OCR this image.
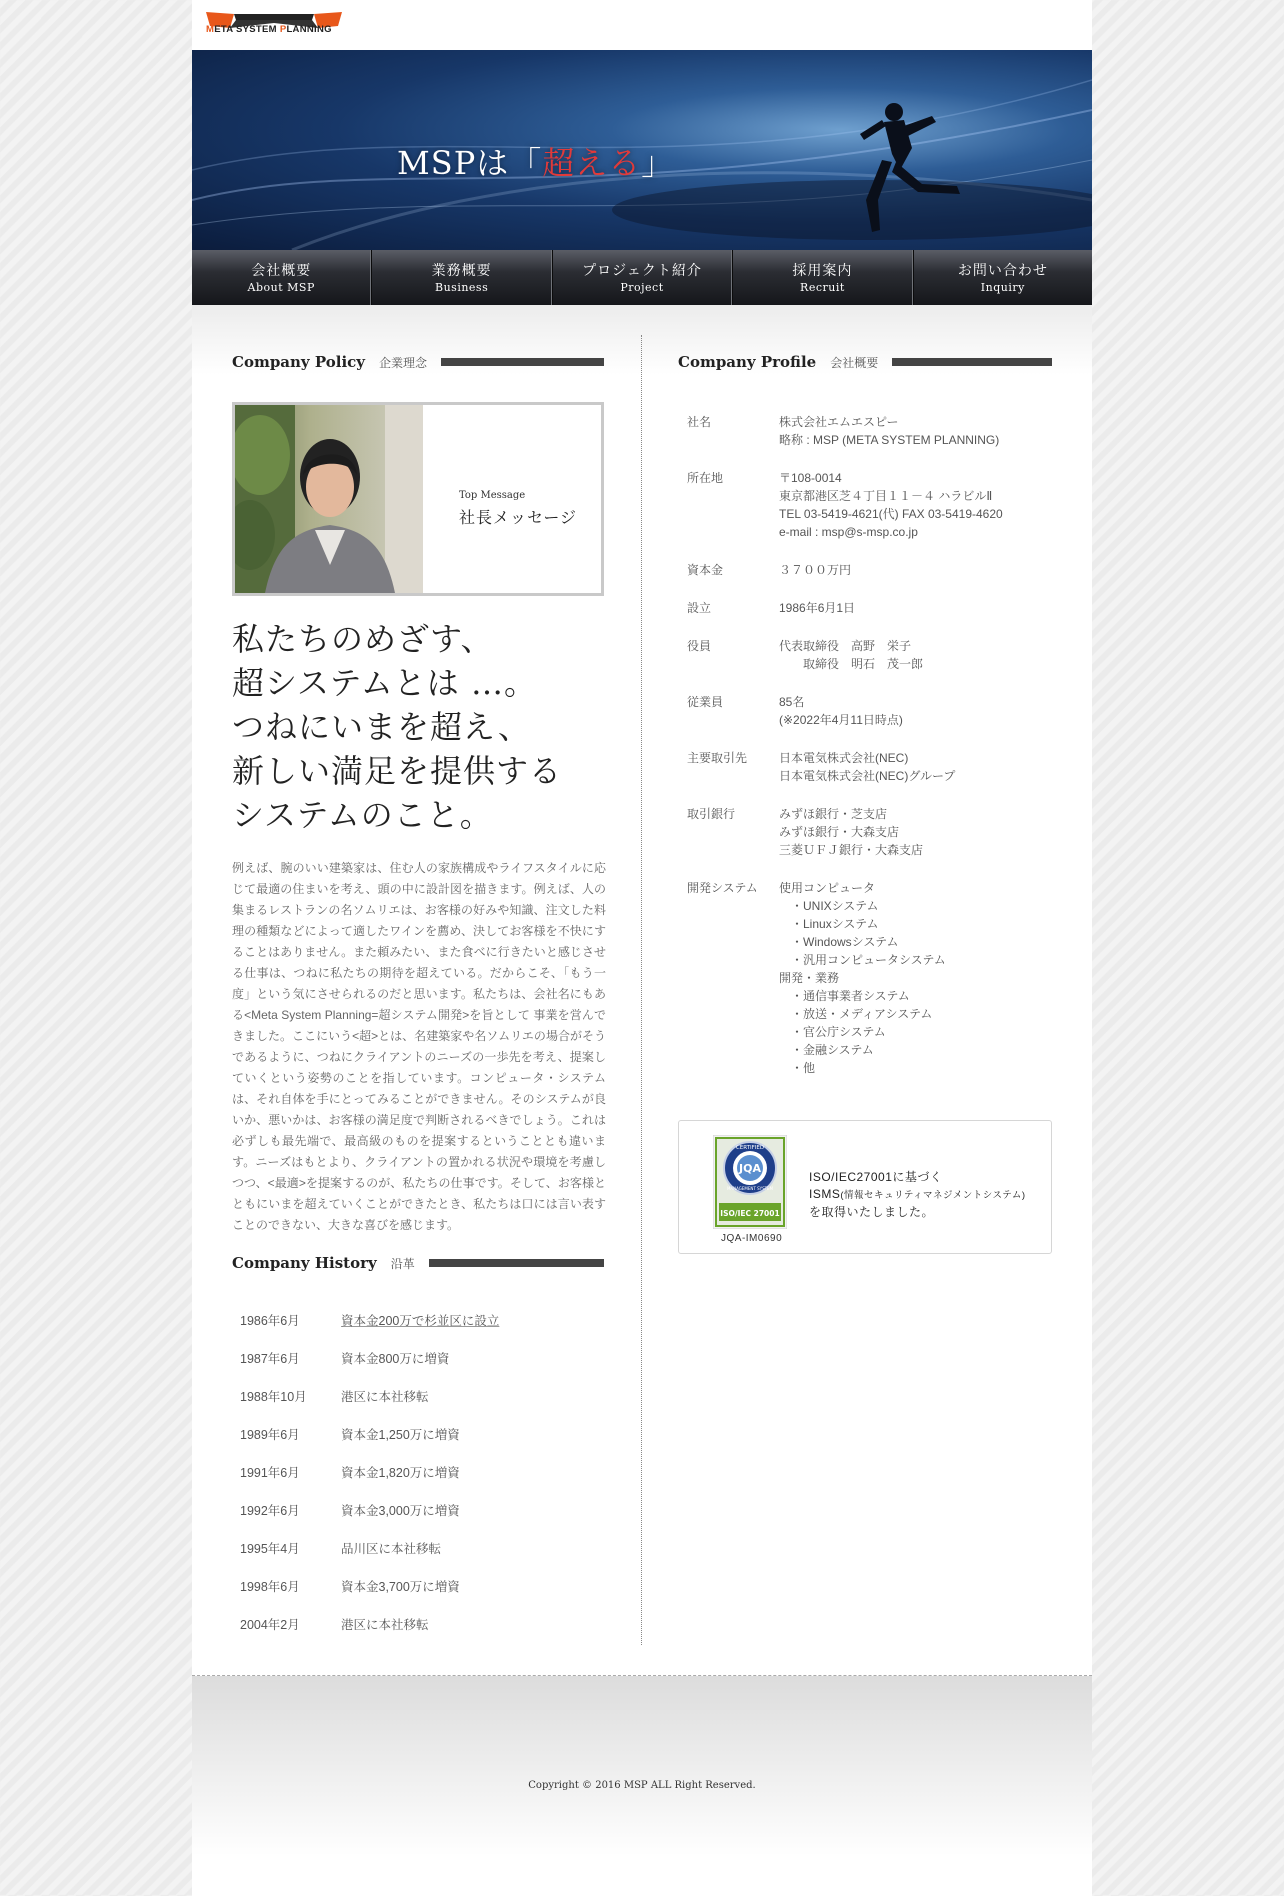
META SYSTEM PLANNING
MSPは「超える」
会社概要
About MSP
業務概要
Business
プロジェクト紹介
Project
採用案内
Recruit
お問い合わせ
Inquiry
Company Policy 企業理念
Top Message
社長メッセージ
私たちのめざす、
超システムとは …。
つねにいまを超え、
新しい満足を提供する
システムのこと。
例えば、腕のいい建築家は、住む人の家族構成やライフスタイルに応じて最適の住まいを考え、頭の中に設計図を描きます。例えば、人の集まるレストランの名ソムリエは、お客様の好みや知識、注文した料理の種類などによって適したワインを薦め、決してお客様を不快にすることはありません。また頼みたい、また食べに行きたいと感じさせる仕事は、つねに私たちの期待を超えている。だからこそ、「もう一度」という気にさせられるのだと思います。私たちは、会社名にもある<Meta System Planning=超システム開発>を旨として 事業を営んできました。ここにいう<超>とは、名建築家や名ソムリエの場合がそうであるように、つねにクライアントのニーズの一歩先を考え、提案していくという姿勢のことを指しています。コンピュータ・システムは、それ自体を手にとってみることができません。そのシステムが良いか、悪いかは、お客様の満足度で判断されるべきでしょう。これは必ずしも最先端で、最高級のものを提案するということとも違います。ニーズはもとより、クライアントの置かれる状況や環境を考慮しつつ、<最適>を提案するのが、私たちの仕事です。そして、お客様とともにいまを超えていくことができたとき、私たちは口には言い表すことのできない、大きな喜びを感じます。
Company History 沿革
1986年6月	資本金200万で杉並区に設立
1987年6月	資本金800万に増資
1988年10月	港区に本社移転
1989年6月	資本金1,250万に増資
1991年6月	資本金1,820万に増資
1992年6月	資本金3,000万に増資
1995年4月	品川区に本社移転
1998年6月	資本金3,700万に増資
2004年2月	港区に本社移転
Company Profile 会社概要
社名	株式会社エムエスピー
略称 : MSP (META SYSTEM PLANNING)
所在地	〒108-0014
東京都港区芝４丁目１１－４ ハラビルⅡ
TEL 03-5419-4621(代) FAX 03-5419-4620
e-mail : msp@s-msp.co.jp
資本金	３７００万円
設立	1986年6月1日
役員	代表取締役　高野　栄子
　　取締役　明石　茂一郎
従業員	85名
(※2022年4月11日時点)
主要取引先	日本電気株式会社(NEC)
日本電気株式会社(NEC)グループ
取引銀行	みずほ銀行・芝支店
みずほ銀行・大森支店
三菱ＵＦＪ銀行・大森支店
開発システム	使用コンピュータ
　・UNIXシステム
　・Linuxシステム
　・Windowsシステム
　・汎用コンピュータシステム
開発・業務
　・通信事業者システム
　・放送・メディアシステム
　・官公庁システム
　・金融システム
　・他
CERTIFIED
JQA
MANAGEMENT SYSTEM
ISO/IEC 27001
JQA-IM0690
ISO/IEC27001に基づく
ISMS(情報セキュリティマネジメントシステム)
を取得いたしました。
Copyright © 2016 MSP ALL Right Reserved.
